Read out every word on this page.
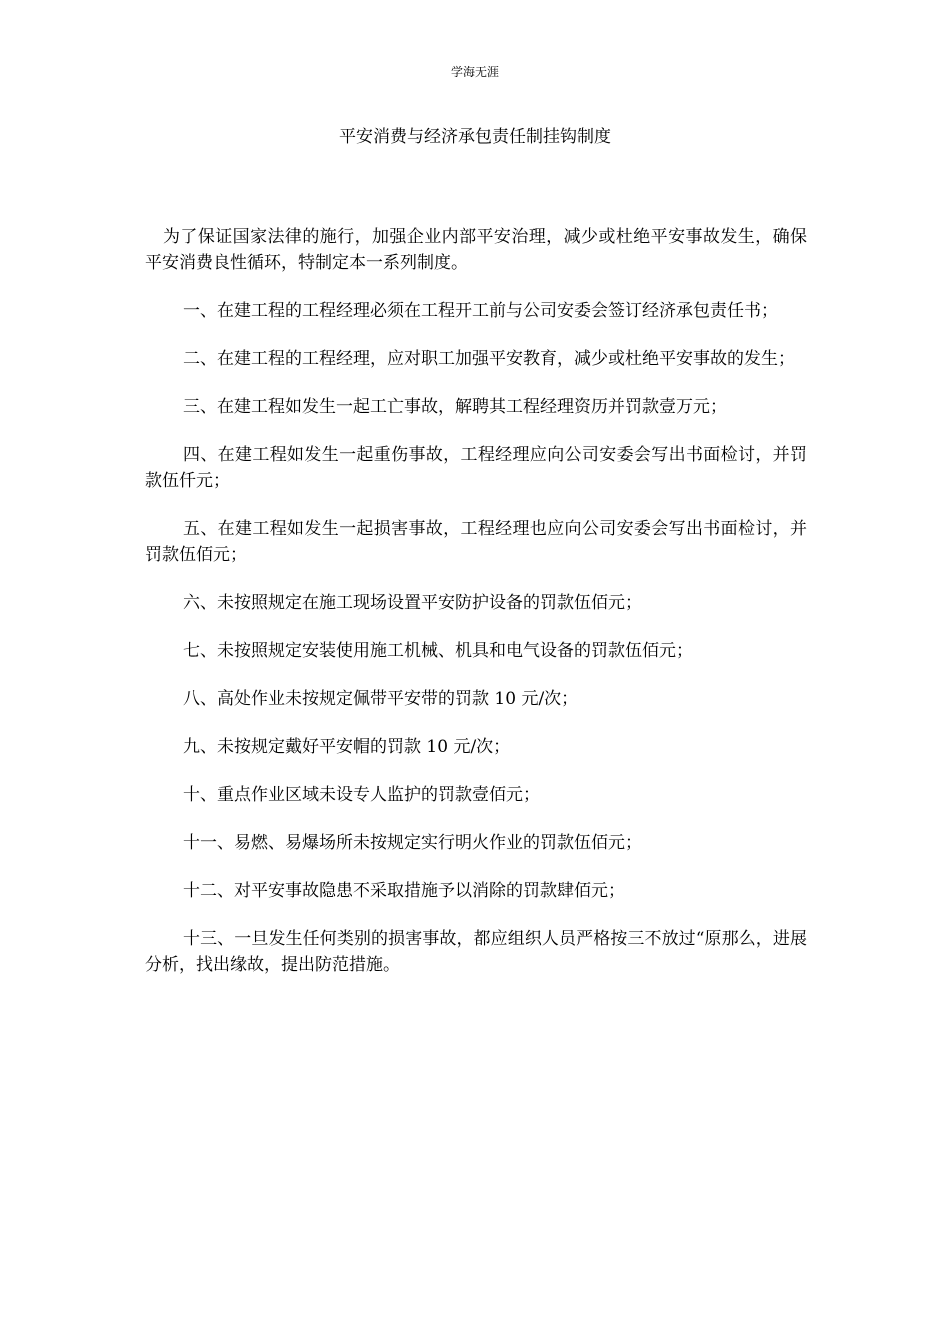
学海无涯
平安消费与经济承包责任制挂钩制度

为了保证国家法律的施行，加强企业内部平安治理，减少或杜绝平安事故发生，确保平安消费良性循环，特制定本一系列制度。

一、在建工程的工程经理必须在工程开工前与公司安委会签订经济承包责任书；

二、在建工程的工程经理，应对职工加强平安教育，减少或杜绝平安事故的发生；

三、在建工程如发生一起工亡事故，解聘其工程经理资历并罚款壹万元；

四、在建工程如发生一起重伤事故，工程经理应向公司安委会写出书面检讨，并罚款伍仟元；

五、在建工程如发生一起损害事故，工程经理也应向公司安委会写出书面检讨，并罚款伍佰元；

六、未按照规定在施工现场设置平安防护设备的罚款伍佰元；

七、未按照规定安装使用施工机械、机具和电气设备的罚款伍佰元；

八、高处作业未按规定佩带平安带的罚款 10 元/次；

九、未按规定戴好平安帽的罚款 10 元/次；

十、重点作业区域未设专人监护的罚款壹佰元；

十一、易燃、易爆场所未按规定实行明火作业的罚款伍佰元；

十二、对平安事故隐患不采取措施予以消除的罚款肆佰元；

十三、一旦发生任何类别的损害事故，都应组织人员严格按三不放过“原那么，进展分析，找出缘故，提出防范措施。
